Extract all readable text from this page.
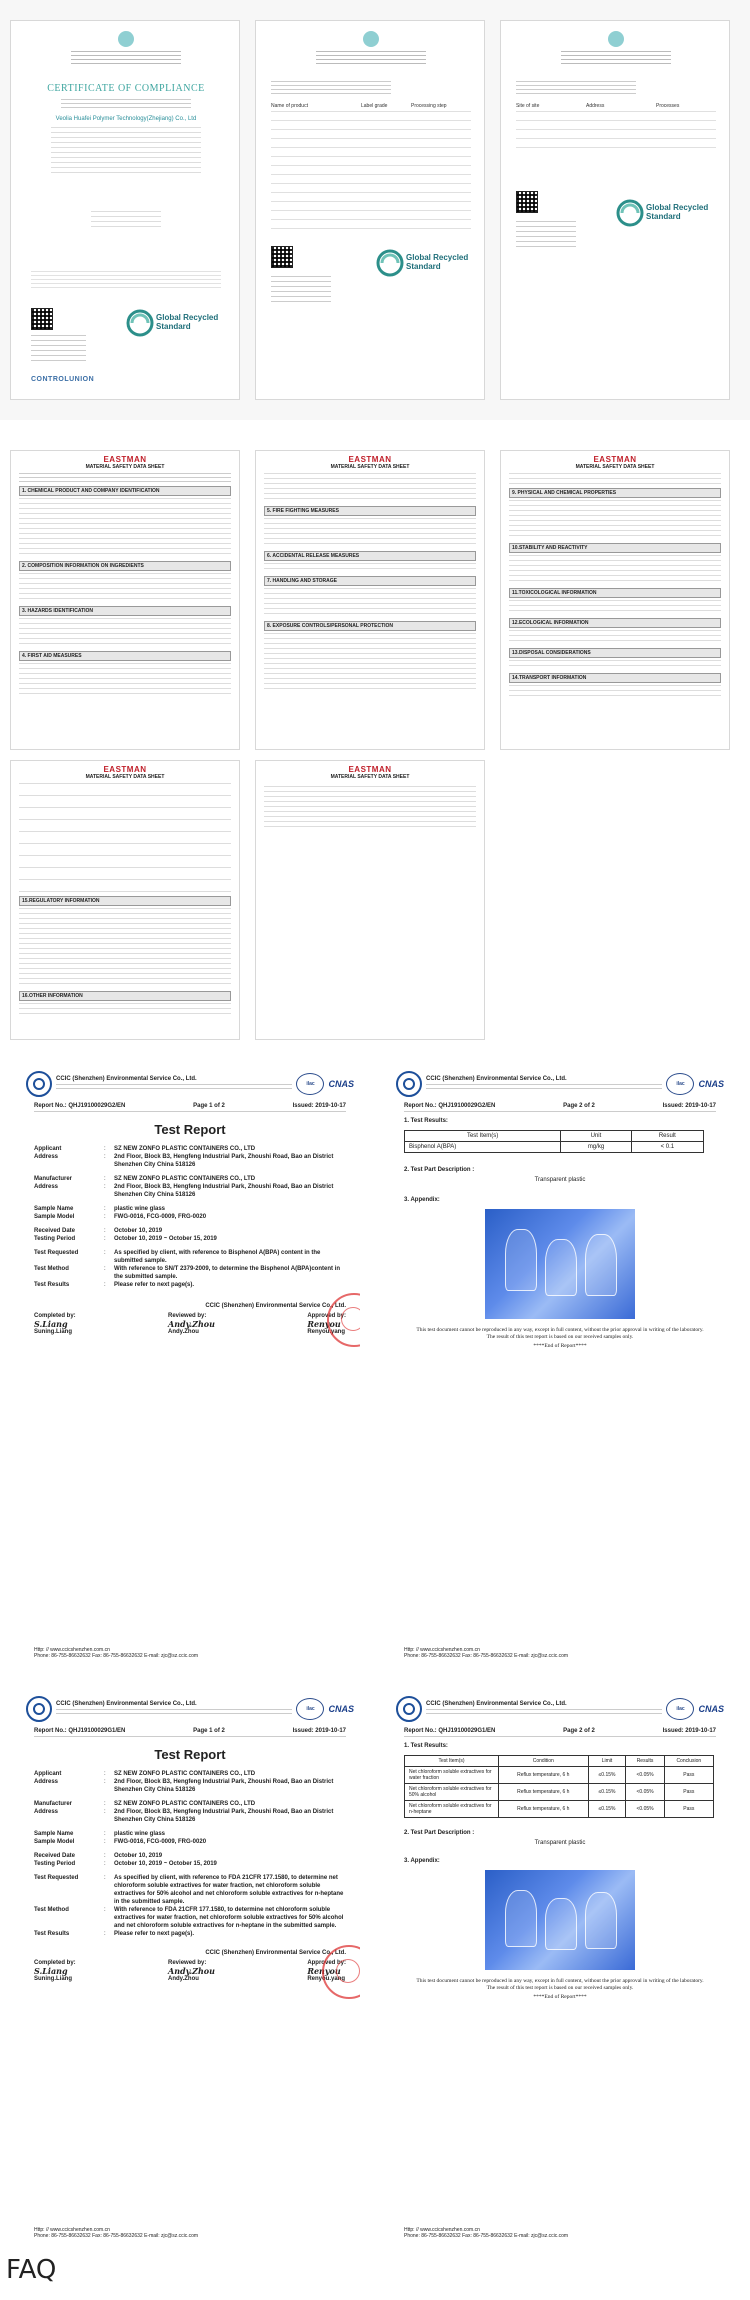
CERTIFICATE OF COMPLIANCE
Veolia Huafei Polymer Technology(Zhejiang) Co., Ltd
Global Recycled Standard
CONTROLUNION
Name of product	Label grade	Processing step
Global Recycled Standard
Site of site	Address	Processes
Global Recycled Standard
EASTMAN
MATERIAL SAFETY DATA SHEET
1. CHEMICAL PRODUCT AND COMPANY IDENTIFICATION
2. COMPOSITION INFORMATION ON INGREDIENTS
3. HAZARDS IDENTIFICATION
4. FIRST AID MEASURES
EASTMAN
MATERIAL SAFETY DATA SHEET
5. FIRE FIGHTING MEASURES
6. ACCIDENTAL RELEASE MEASURES
7. HANDLING AND STORAGE
8. EXPOSURE CONTROLS/PERSONAL PROTECTION
EASTMAN
MATERIAL SAFETY DATA SHEET
9. PHYSICAL AND CHEMICAL PROPERTIES
10.STABILITY AND REACTIVITY
11.TOXICOLOGICAL INFORMATION
12.ECOLOGICAL INFORMATION
13.DISPOSAL CONSIDERATIONS
14.TRANSPORT INFORMATION
EASTMAN
MATERIAL SAFETY DATA SHEET
15.REGULATORY INFORMATION
16.OTHER INFORMATION
EASTMAN
MATERIAL SAFETY DATA SHEET
CCIC (Shenzhen) Environmental Service Co., Ltd.
ilac	CNAS
Report No.: QHJ19100029G2/EN	Page 1 of 2	Issued: 2019-10-17
Test Report
Applicant	:	SZ NEW ZONFO PLASTIC CONTAINERS CO., LTD
Address	:	2nd Floor, Block B3, Hengfeng Industrial Park, Zhoushi Road, Bao an District Shenzhen City China 518126
Manufacturer	:	SZ NEW ZONFO PLASTIC CONTAINERS CO., LTD
Address	:	2nd Floor, Block B3, Hengfeng Industrial Park, Zhoushi Road, Bao an District Shenzhen City China 518126
Sample Name	:	plastic wine glass
Sample Model	:	FWG-0016, FCG-0009, FRG-0020
Received Date	:	October 10, 2019
Testing Period	:	October 10, 2019 ~ October 15, 2019
Test Requested	:	As specified by client, with reference to Bisphenol A(BPA) content in the submitted sample.
Test Method	:	With reference to SN/T 2379-2009, to determine the Bisphenol A(BPA)content in the submitted sample.
Test Results	:	Please refer to next page(s).
CCIC (Shenzhen) Environmental Service Co., Ltd.
Completed by:
S.Liang
Suning.Liang
Reviewed by:
Andy.Zhou
Andy.Zhou
Approved by:
Renyou
Renyou.yang
Http: // www.ccicshenzhen.com.cn
Phone: 86-755-86632632 Fax: 86-755-86632632 E-mail: zjc@sz.ccic.com
CCIC (Shenzhen) Environmental Service Co., Ltd.
ilac	CNAS
Report No.: QHJ19100029G2/EN	Page 2 of 2	Issued: 2019-10-17
1. Test Results:
Test Item(s)	Unit	Result
Bisphenol A(BPA)	mg/kg	< 0.1
2. Test Part Description :
Transparent plastic
3. Appendix:
This test document cannot be reproduced in any way, except in full content, without the prior approval in writing of the laboratory. The result of this test report is based on our received samples only.
****End of Report****
Http: // www.ccicshenzhen.com.cn
Phone: 86-755-86632632 Fax: 86-755-86632632 E-mail: zjc@sz.ccic.com
CCIC (Shenzhen) Environmental Service Co., Ltd.
ilac	CNAS
Report No.: QHJ19100029G1/EN	Page 1 of 2	Issued: 2019-10-17
Test Report
Applicant	:	SZ NEW ZONFO PLASTIC CONTAINERS CO., LTD
Address	:	2nd Floor, Block B3, Hengfeng Industrial Park, Zhoushi Road, Bao an District Shenzhen City China 518126
Manufacturer	:	SZ NEW ZONFO PLASTIC CONTAINERS CO., LTD
Address	:	2nd Floor, Block B3, Hengfeng Industrial Park, Zhoushi Road, Bao an District Shenzhen City China 518126
Sample Name	:	plastic wine glass
Sample Model	:	FWG-0016, FCG-0009, FRG-0020
Received Date	:	October 10, 2019
Testing Period	:	October 10, 2019 ~ October 15, 2019
Test Requested	:	As specified by client, with reference to FDA 21CFR 177.1580, to determine net chloroform soluble extractives for water fraction, net chloroform soluble extractives for 50% alcohol and net chloroform soluble extractives for n-heptane in the submitted sample.
Test Method	:	With reference to FDA 21CFR 177.1580, to determine net chloroform soluble extractives for water fraction, net chloroform soluble extractives for 50% alcohol and net chloroform soluble extractives for n-heptane in the submitted sample.
Test Results	:	Please refer to next page(s).
CCIC (Shenzhen) Environmental Service Co., Ltd.
Completed by:
S.Liang
Suning.Liang
Reviewed by:
Andy.Zhou
Andy.Zhou
Approved by:
Renyou
Renyou.yang
Http: // www.ccicshenzhen.com.cn
Phone: 86-755-86632632 Fax: 86-755-86632632 E-mail: zjc@sz.ccic.com
CCIC (Shenzhen) Environmental Service Co., Ltd.
ilac	CNAS
Report No.: QHJ19100029G1/EN	Page 2 of 2	Issued: 2019-10-17
1. Test Results:
Test Item(s)	Condition	Limit	Results	Conclusion
Net chloroform soluble extractives for water fraction	Reflux temperature, 6 h	≤0.15%	<0.05%	Pass
Net chloroform soluble extractives for 50% alcohol	Reflux temperature, 6 h	≤0.15%	<0.05%	Pass
Net chloroform soluble extractives for n-heptane	Reflux temperature, 6 h	≤0.15%	<0.05%	Pass
2. Test Part Description :
Transparent plastic
3. Appendix:
This test document cannot be reproduced in any way, except in full content, without the prior approval in writing of the laboratory. The result of this test report is based on our received samples only.
****End of Report****
Http: // www.ccicshenzhen.com.cn
Phone: 86-755-86632632 Fax: 86-755-86632632 E-mail: zjc@sz.ccic.com
FAQ
